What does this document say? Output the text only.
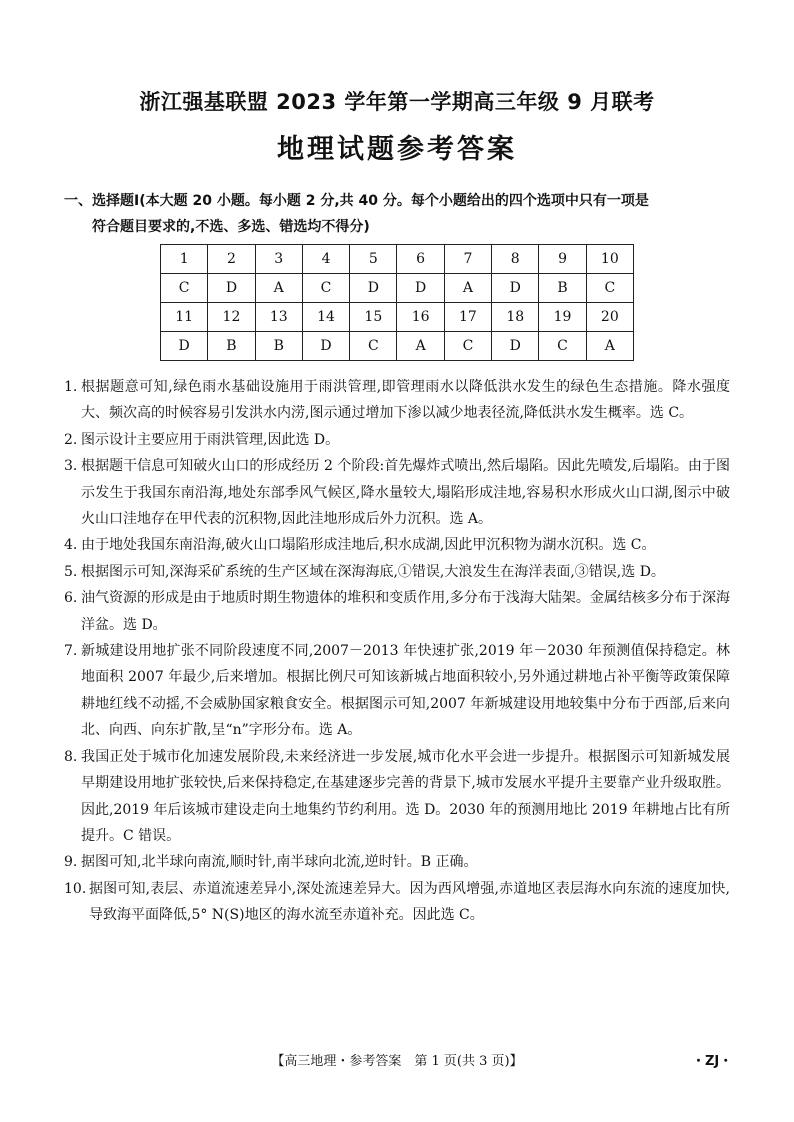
浙江强基联盟 2023 学年第一学期高三年级 9 月联考
地理试题参考答案
一、选择题Ⅰ(本大题 20 小题。每小题 2 分,共 40 分。每个小题给出的四个选项中只有一项是
符合题目要求的,不选、多选、错选均不得分)
1	2	3	4	5	6	7	8	9	10
C	D	A	C	D	D	A	D	B	C
11	12	13	14	15	16	17	18	19	20
D	B	B	D	C	A	C	D	C	A
1. 根据题意可知,绿色雨水基础设施用于雨洪管理,即管理雨水以降低洪水发生的绿色生态措施。降水强度大、频次高的时候容易引发洪水内涝,图示通过增加下渗以减少地表径流,降低洪水发生概率。选 C。
2. 图示设计主要应用于雨洪管理,因此选 D。
3. 根据题干信息可知破火山口的形成经历 2 个阶段:首先爆炸式喷出,然后塌陷。因此先喷发,后塌陷。由于图示发生于我国东南沿海,地处东部季风气候区,降水量较大,塌陷形成洼地,容易积水形成火山口湖,图示中破火山口洼地存在甲代表的沉积物,因此洼地形成后外力沉积。选 A。
4. 由于地处我国东南沿海,破火山口塌陷形成洼地后,积水成湖,因此甲沉积物为湖水沉积。选 C。
5. 根据图示可知,深海采矿系统的生产区域在深海海底,①错误,大浪发生在海洋表面,③错误,选 D。
6. 油气资源的形成是由于地质时期生物遗体的堆积和变质作用,多分布于浅海大陆架。金属结核多分布于深海洋盆。选 D。
7. 新城建设用地扩张不同阶段速度不同,2007－2013 年快速扩张,2019 年－2030 年预测值保持稳定。林地面积 2007 年最少,后来增加。根据比例尺可知该新城占地面积较小,另外通过耕地占补平衡等政策保障耕地红线不动摇,不会威胁国家粮食安全。根据图示可知,2007 年新城建设用地较集中分布于西部,后来向北、向西、向东扩散,呈“n”字形分布。选 A。
8. 我国正处于城市化加速发展阶段,未来经济进一步发展,城市化水平会进一步提升。根据图示可知新城发展早期建设用地扩张较快,后来保持稳定,在基建逐步完善的背景下,城市发展水平提升主要靠产业升级取胜。因此,2019 年后该城市建设走向土地集约节约利用。选 D。2030 年的预测用地比 2019 年耕地占比有所提升。C 错误。
9. 据图可知,北半球向南流,顺时针,南半球向北流,逆时针。B 正确。
10. 据图可知,表层、赤道流速差异小,深处流速差异大。因为西风增强,赤道地区表层海水向东流的速度加快,导致海平面降低,5° N(S)地区的海水流至赤道补充。因此选 C。
【高三地理・参考答案　第 1 页(共 3 页)】	・ZJ・
